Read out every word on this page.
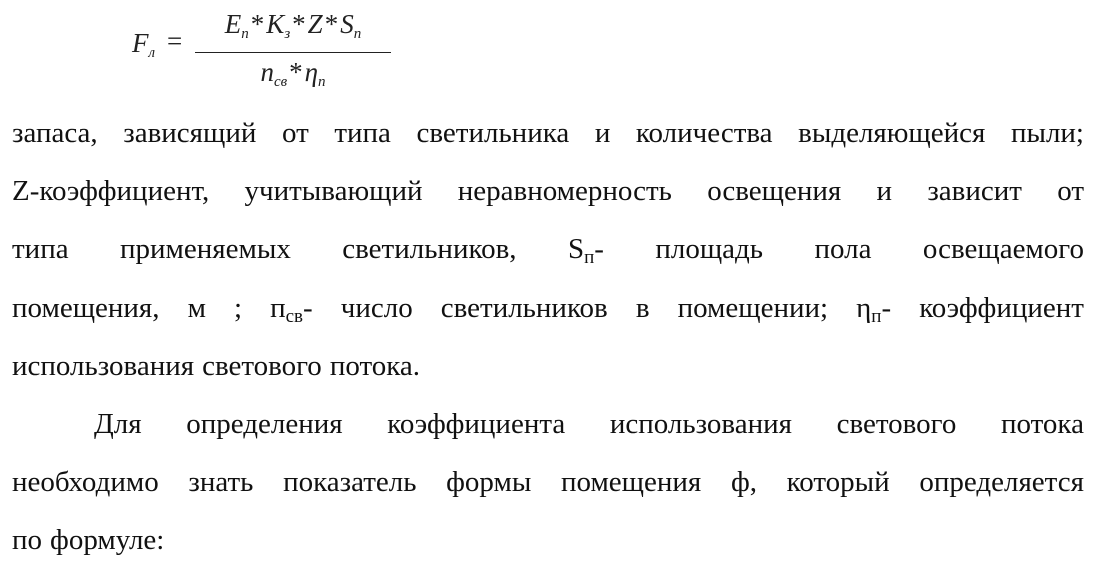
$F_л$ =
$E_п*K_з*Z*S_п$
$n_{св}*\eta_п$
запаса, зависящий от типа светильника и количества выделяющейся пыли;
Z-коэффициент, учитывающий неравномерность освещения и зависит от
типа применяемых светильников, $S_п-$ площадь пола освещаемого
помещения, м ; $п_{св}-$ число светильников в помещении; $\eta_п-$ коэффициент
использования светового потока.
Для определения коэффициента использования светового потока
необходимо знать показатель формы помещения ф, который определяется
по формуле:
